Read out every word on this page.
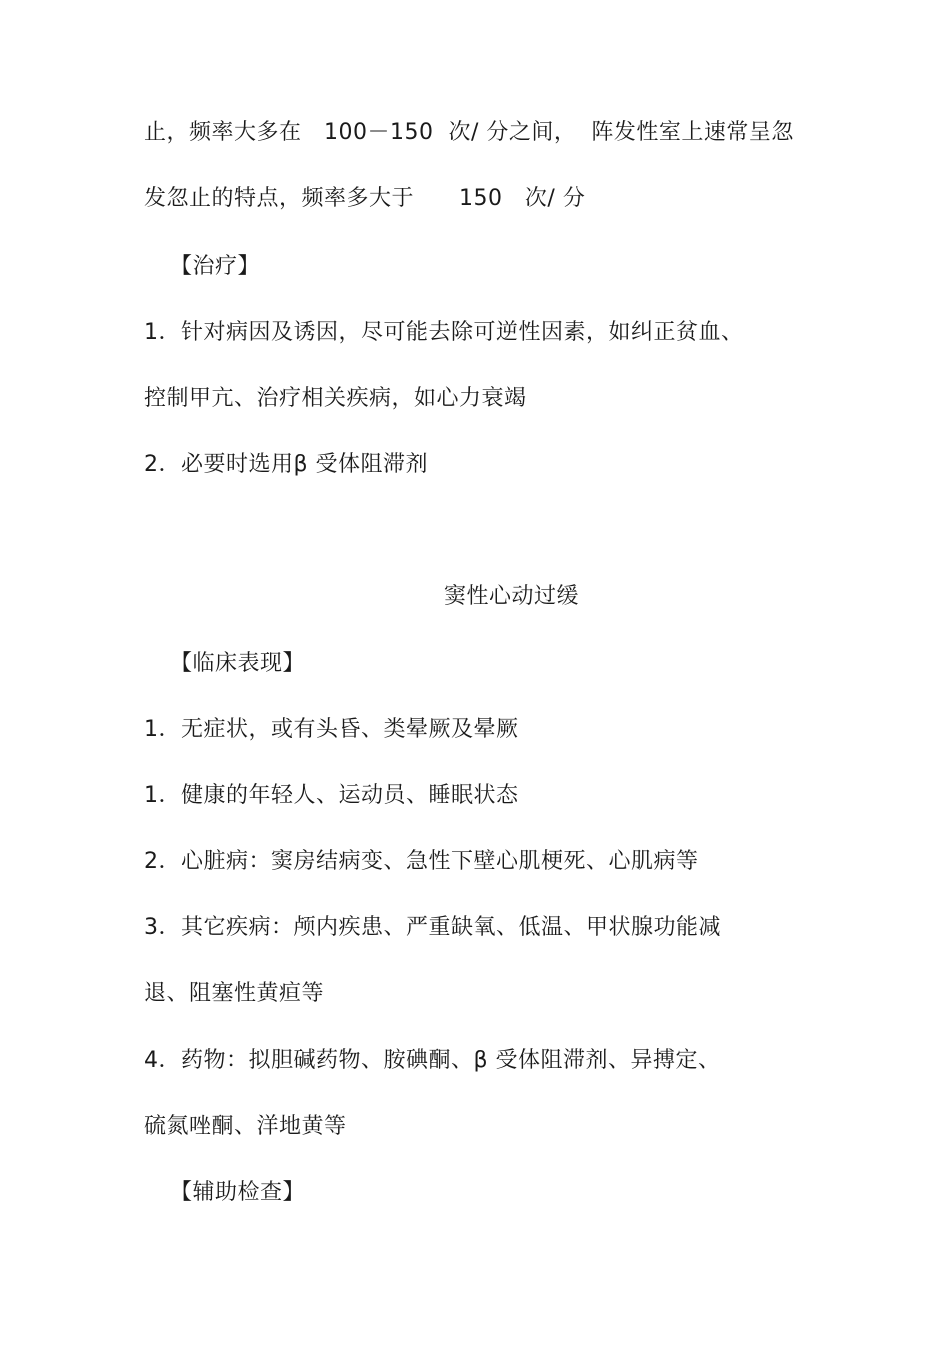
止，频率大多在   100－150  次/ 分之间，  阵发性室上速常呈忽
发忽止的特点，频率多大于      150   次/ 分
【治疗】
1．针对病因及诱因，尽可能去除可逆性因素，如纠正贫血、
控制甲亢、治疗相关疾病，如心力衰竭
2．必要时选用β 受体阻滞剂
窦性心动过缓
【临床表现】
1．无症状，或有头昏、类晕厥及晕厥
1．健康的年轻人、运动员、睡眠状态
2．心脏病：窦房结病变、急性下壁心肌梗死、心肌病等
3．其它疾病：颅内疾患、严重缺氧、低温、甲状腺功能减
退、阻塞性黄疸等
4．药物：拟胆碱药物、胺碘酮、β 受体阻滞剂、异搏定、
硫氮唑酮、洋地黄等
【辅助检查】
